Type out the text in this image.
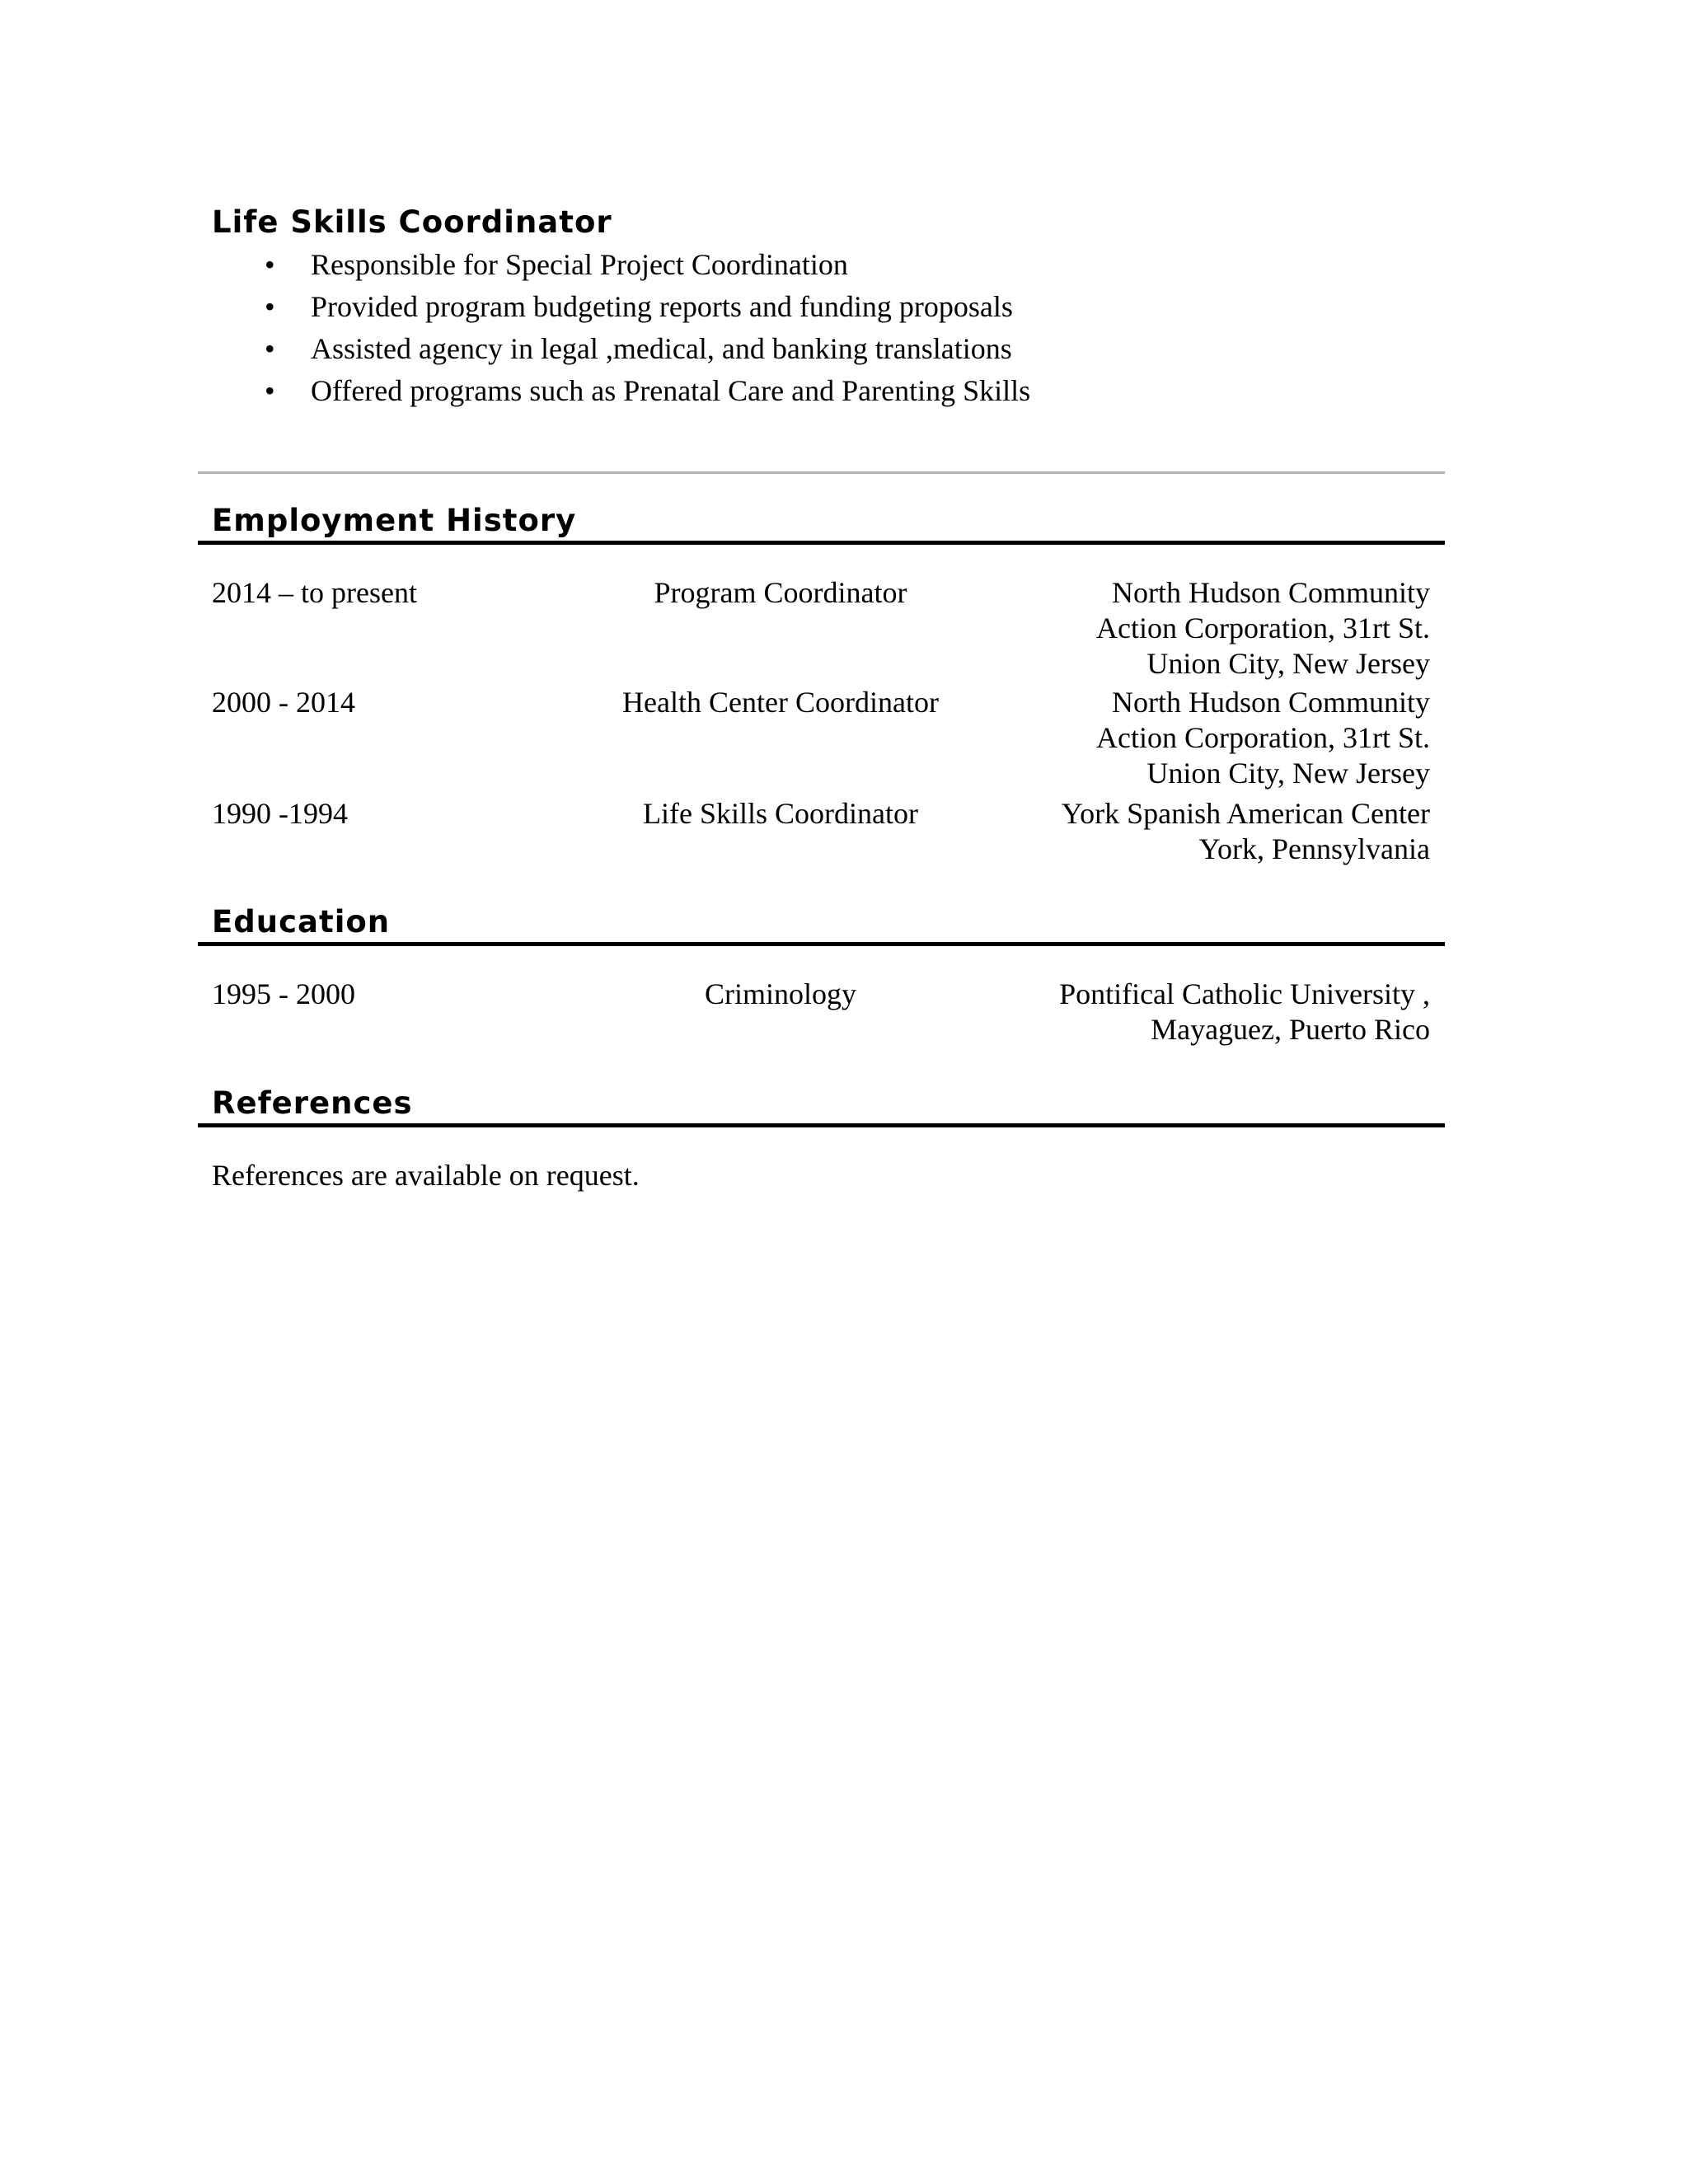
Life Skills Coordinator
• Responsible for Special Project Coordination
• Provided program budgeting reports and funding proposals
• Assisted agency in legal ,medical, and banking translations
• Offered programs such as Prenatal Care and Parenting Skills
Employment History
2014 – to present	Program Coordinator	North Hudson Community
Action Corporation, 31rt St.
Union City, New Jersey
2000 - 2014	Health Center Coordinator	North Hudson Community
Action Corporation, 31rt St.
Union City, New Jersey
1990 -1994	Life Skills Coordinator	York Spanish American Center
York, Pennsylvania
Education
1995 - 2000	Criminology	Pontifical Catholic University ,
Mayaguez, Puerto Rico
References
References are available on request.
